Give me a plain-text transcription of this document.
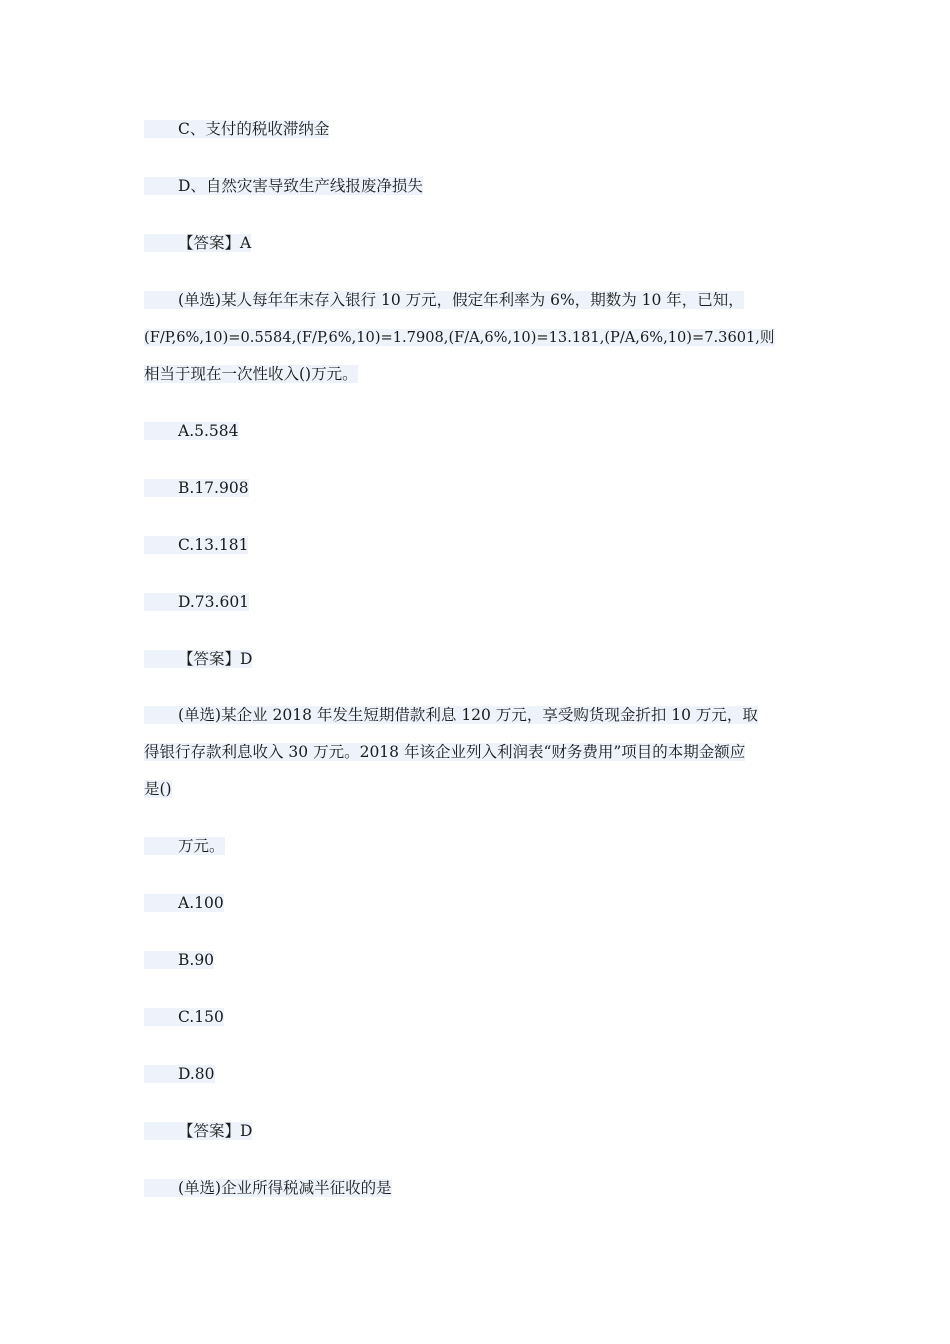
C、支付的税收滞纳金
D、自然灾害导致生产线报废净损失
【答案】A
(单选)某人每年年末存入银行 10 万元，假定年利率为 6%，期数为 10 年，已知，
(F/P,6%,10)=0.5584,(F/P,6%,10)=1.7908,(F/A,6%,10)=13.181,(P/A,6%,10)=7.3601,则
相当于现在一次性收入()万元。
A.5.584
B.17.908
C.13.181
D.73.601
【答案】D
(单选)某企业 2018 年发生短期借款利息 120 万元，享受购货现金折扣 10 万元，取
得银行存款利息收入 30 万元。2018 年该企业列入利润表“财务费用”项目的本期金额应
是()
万元。
A.100
B.90
C.150
D.80
【答案】D
(单选)企业所得税减半征收的是
